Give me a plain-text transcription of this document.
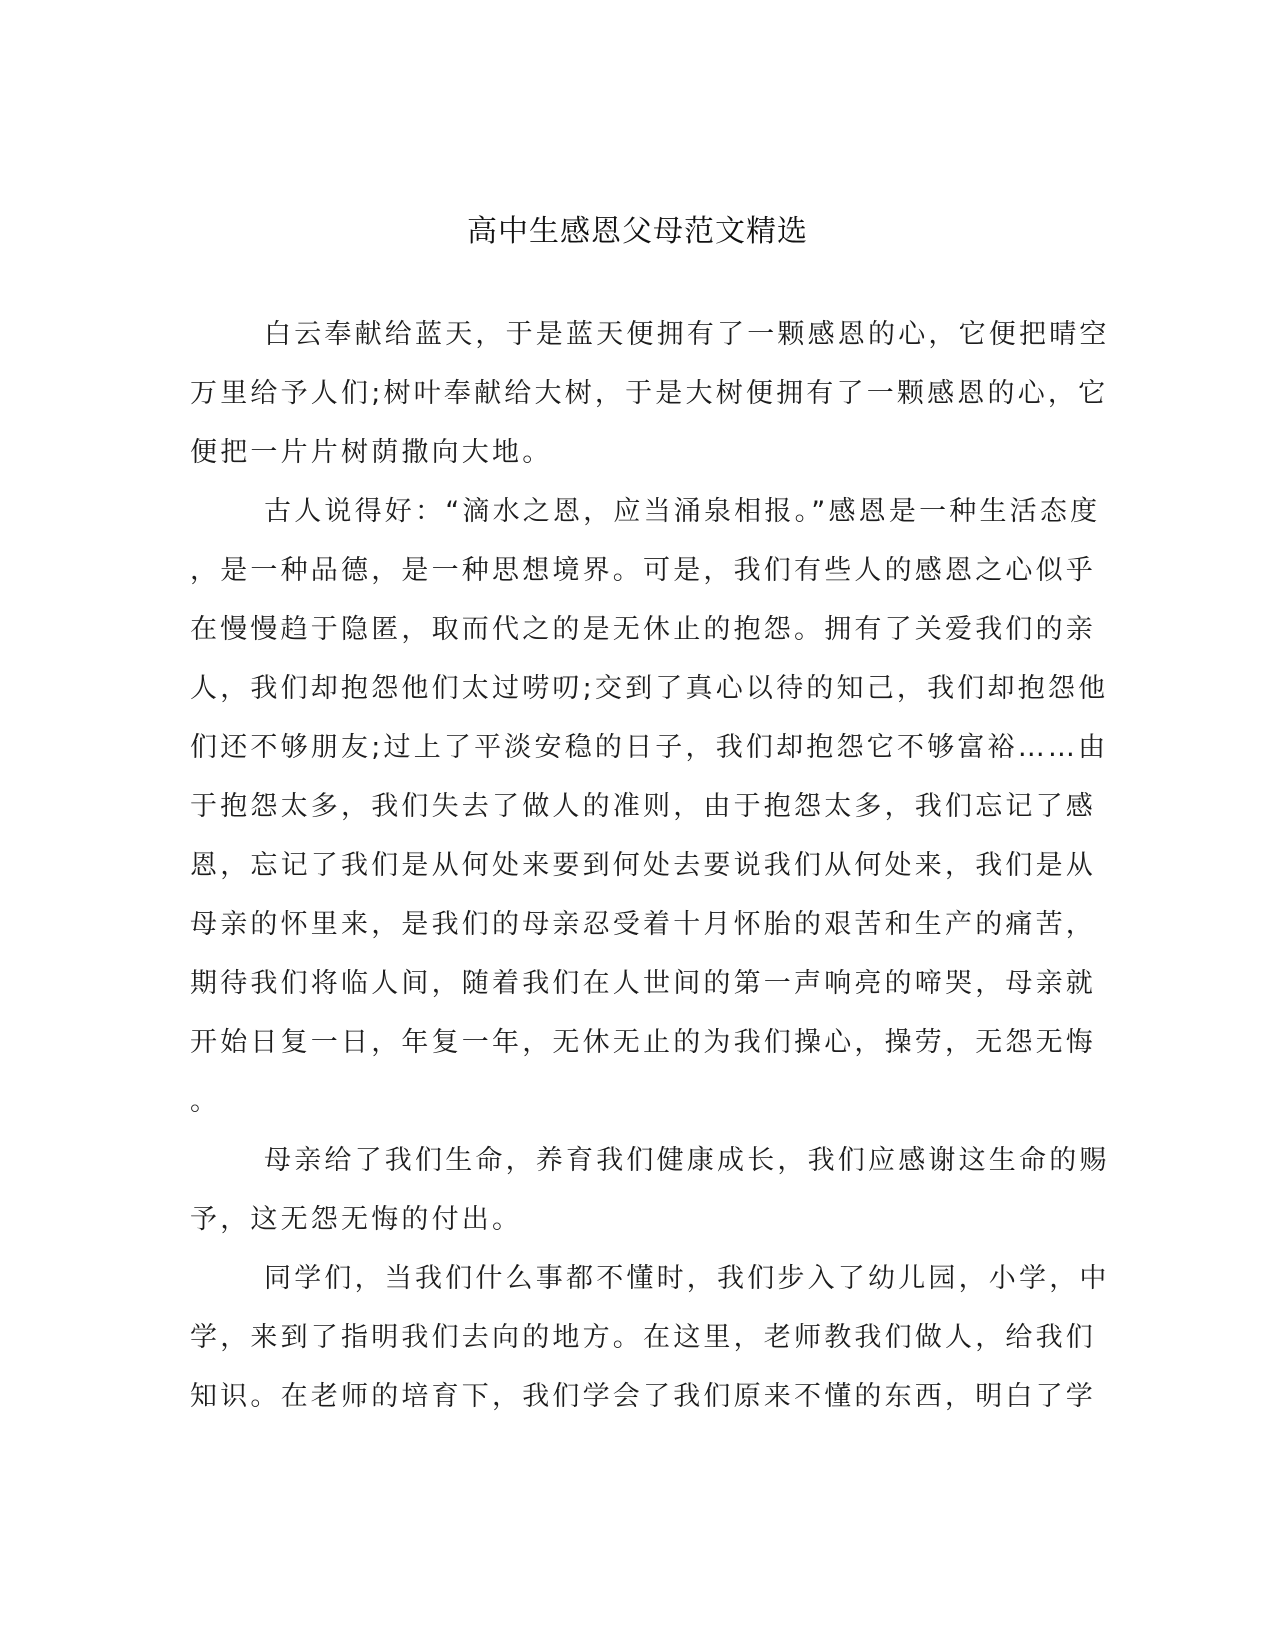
高中生感恩父母范文精选
白云奉献给蓝天，于是蓝天便拥有了一颗感恩的心，它便把晴空
万里给予人们;树叶奉献给大树，于是大树便拥有了一颗感恩的心，它
便把一片片树荫撒向大地。
古人说得好：“滴水之恩，应当涌泉相报。”感恩是一种生活态度
，是一种品德，是一种思想境界。可是，我们有些人的感恩之心似乎
在慢慢趋于隐匿，取而代之的是无休止的抱怨。拥有了关爱我们的亲
人，我们却抱怨他们太过唠叨;交到了真心以待的知己，我们却抱怨他
们还不够朋友;过上了平淡安稳的日子，我们却抱怨它不够富裕……由
于抱怨太多，我们失去了做人的准则，由于抱怨太多，我们忘记了感
恩，忘记了我们是从何处来要到何处去要说我们从何处来，我们是从
母亲的怀里来，是我们的母亲忍受着十月怀胎的艰苦和生产的痛苦，
期待我们将临人间，随着我们在人世间的第一声响亮的啼哭，母亲就
开始日复一日，年复一年，无休无止的为我们操心，操劳，无怨无悔
。
母亲给了我们生命，养育我们健康成长，我们应感谢这生命的赐
予，这无怨无悔的付出。
同学们，当我们什么事都不懂时，我们步入了幼儿园，小学，中
学，来到了指明我们去向的地方。在这里，老师教我们做人，给我们
知识。在老师的培育下，我们学会了我们原来不懂的东西，明白了学
